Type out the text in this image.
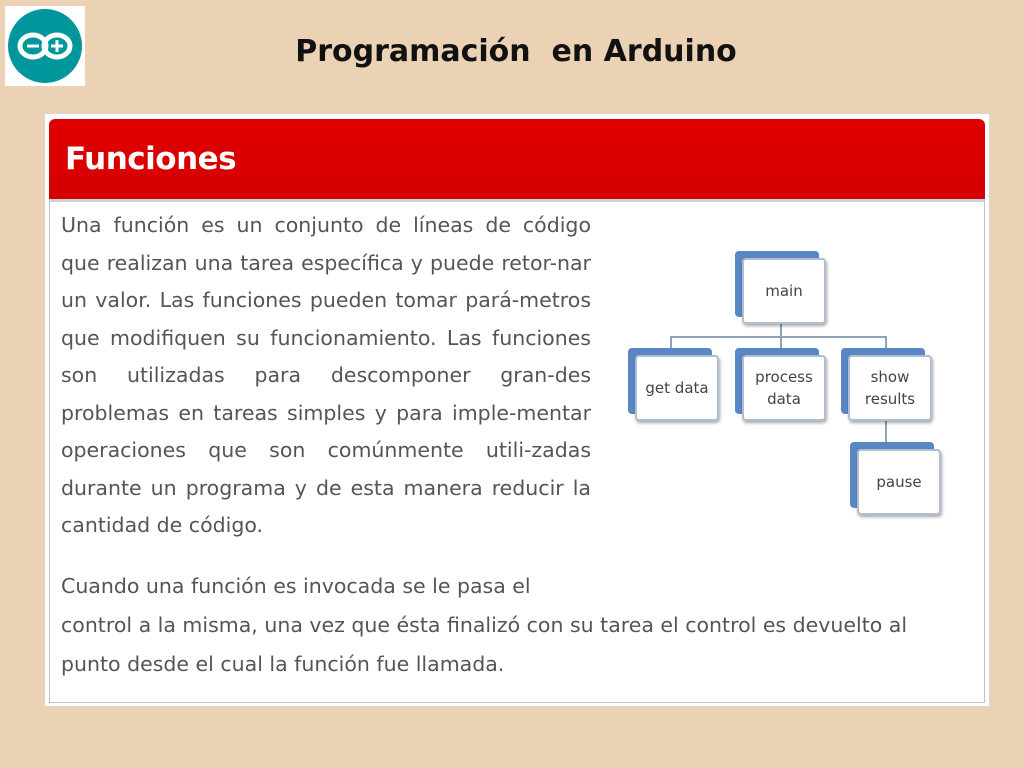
Programación  en Arduino
Funciones

Una función es un conjunto de líneas de código que realizan una tarea específica y puede retor-nar un valor. Las funciones pueden tomar pará-metros que modifiquen su funcionamiento. Las funciones son utilizadas para descomponer gran-des problemas en tareas simples y para imple-mentar operaciones que son comúnmente utili-zadas durante un programa y de esta manera reducir la cantidad de código.

Cuando una función es invocada se le pasa el

control a la misma, una vez que ésta finalizó con su tarea el control es devuelto al punto desde el cual la función fue llamada.

main
get data
process data
show results
pause
